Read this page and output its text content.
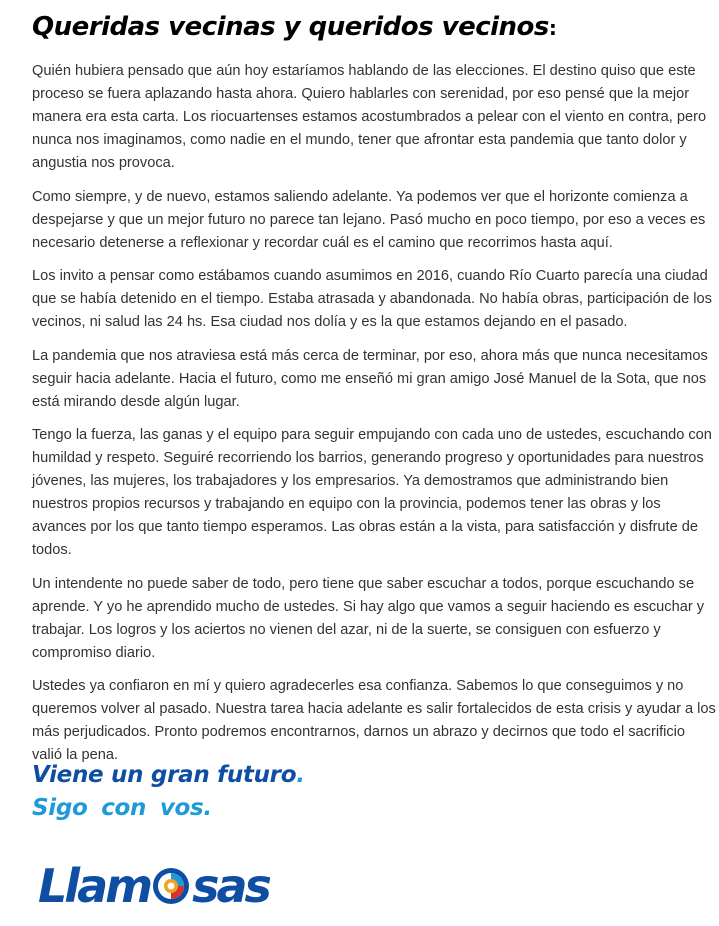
Queridas vecinas y queridos vecinos:

Quién hubiera pensado que aún hoy estaríamos hablando de las elecciones. El destino quiso que este proceso se fuera aplazando hasta ahora. Quiero hablarles con serenidad, por eso pensé que la mejor manera era esta carta. Los riocuartenses estamos acostumbrados a pelear con el viento en contra, pero nunca nos imaginamos, como nadie en el mundo, tener que afrontar esta pandemia que tanto dolor y angustia nos provoca.

Como siempre, y de nuevo, estamos saliendo adelante. Ya podemos ver que el horizonte comienza a despejarse y que un mejor futuro no parece tan lejano. Pasó mucho en poco tiempo, por eso a veces es necesario detenerse a reflexionar y recordar cuál es el camino que recorrimos hasta aquí.

Los invito a pensar como estábamos cuando asumimos en 2016, cuando Río Cuarto parecía una ciudad que se había detenido en el tiempo. Estaba atrasada y abandonada. No había obras, participación de los vecinos, ni salud las 24 hs. Esa ciudad nos dolía y es la que estamos dejando en el pasado.

La pandemia que nos atraviesa está más cerca de terminar, por eso, ahora más que nunca necesitamos seguir hacia adelante. Hacia el futuro, como me enseñó mi gran amigo José Manuel de la Sota, que nos está mirando desde algún lugar.

Tengo la fuerza, las ganas y el equipo para seguir empujando con cada uno de ustedes, escuchando con humildad y respeto. Seguiré recorriendo los barrios, generando progreso y oportunidades para nuestros jóvenes, las mujeres, los trabajadores y los empresarios. Ya demostramos que administrando bien nuestros propios recursos y trabajando en equipo con la provincia, podemos tener las obras y los avances por los que tanto tiempo esperamos. Las obras están a la vista, para satisfacción y disfrute de todos.

Un intendente no puede saber de todo, pero tiene que saber escuchar a todos, porque escuchando se aprende. Y yo he aprendido mucho de ustedes. Si hay algo que vamos a seguir haciendo es escuchar y trabajar. Los logros y los aciertos no vienen del azar, ni de la suerte, se consiguen con esfuerzo y compromiso diario.

Ustedes ya confiaron en mí y quiero agradecerles esa confianza. Sabemos lo que conseguimos y no queremos volver al pasado. Nuestra tarea hacia adelante es salir fortalecidos de esta crisis y ayudar a los más perjudicados. Pronto podremos encontrarnos, darnos un abrazo y decirnos que todo el sacrificio valió la pena.

Viene un gran futuro.
Sigo con vos.
Llam sas
